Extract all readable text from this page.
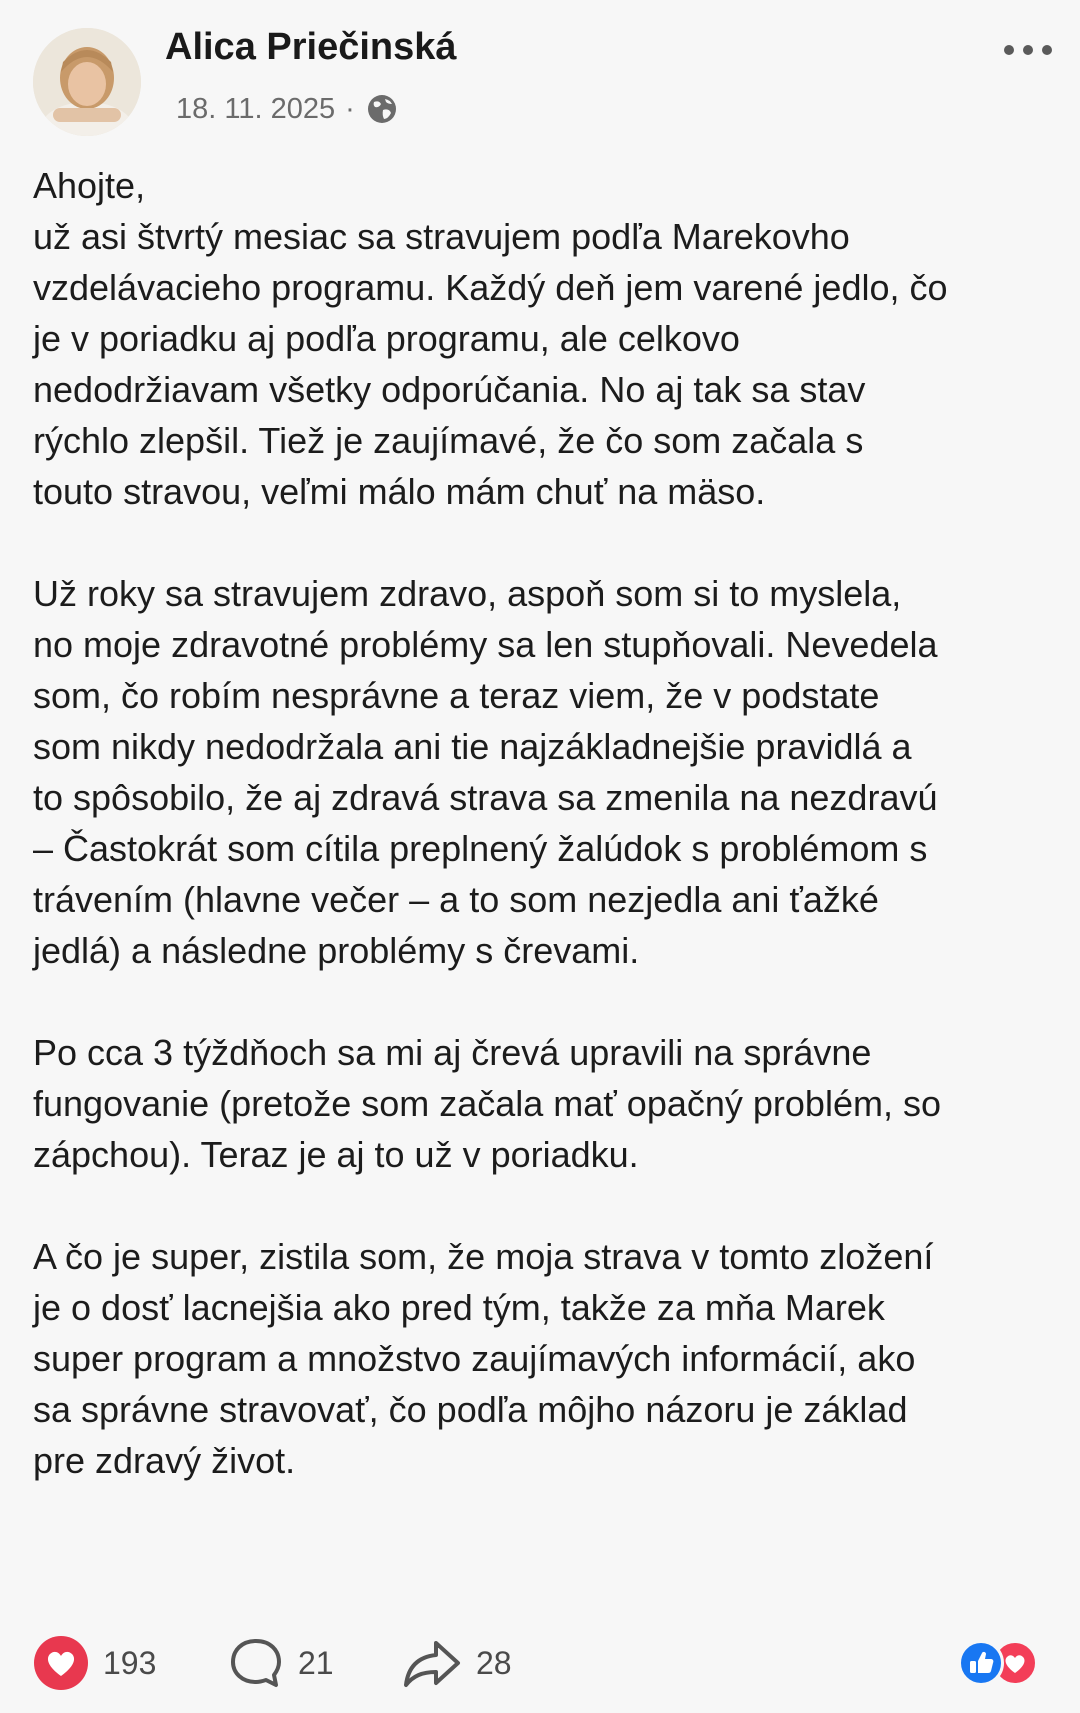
Alica Priečinská
18. 11. 2025 ·

Ahojte,
už asi štvrtý mesiac sa stravujem podľa Marekovho
vzdelávacieho programu. Každý deň jem varené jedlo, čo
je v poriadku aj podľa programu, ale celkovo
nedodržiavam všetky odporúčania. No aj tak sa stav
rýchlo zlepšil. Tiež je zaujímavé, že čo som začala s
touto stravou, veľmi málo mám chuť na mäso.

Už roky sa stravujem zdravo, aspoň som si to myslela,
no moje zdravotné problémy sa len stupňovali. Nevedela
som, čo robím nesprávne a teraz viem, že v podstate
som nikdy nedodržala ani tie najzákladnejšie pravidlá a
to spôsobilo, že aj zdravá strava sa zmenila na nezdravú
– Častokrát som cítila preplnený žalúdok s problémom s
trávením (hlavne večer – a to som nezjedla ani ťažké
jedlá) a následne problémy s črevami.

Po cca 3 týždňoch sa mi aj črevá upravili na správne
fungovanie (pretože som začala mať opačný problém, so
zápchou). Teraz je aj to už v poriadku.

A čo je super, zistila som, že moja strava v tomto zložení
je o dosť lacnejšia ako pred tým, takže za mňa Marek
super program a množstvo zaujímavých informácií, ako
sa správne stravovať, čo podľa môjho názoru je základ
pre zdravý život.

193	21	28
